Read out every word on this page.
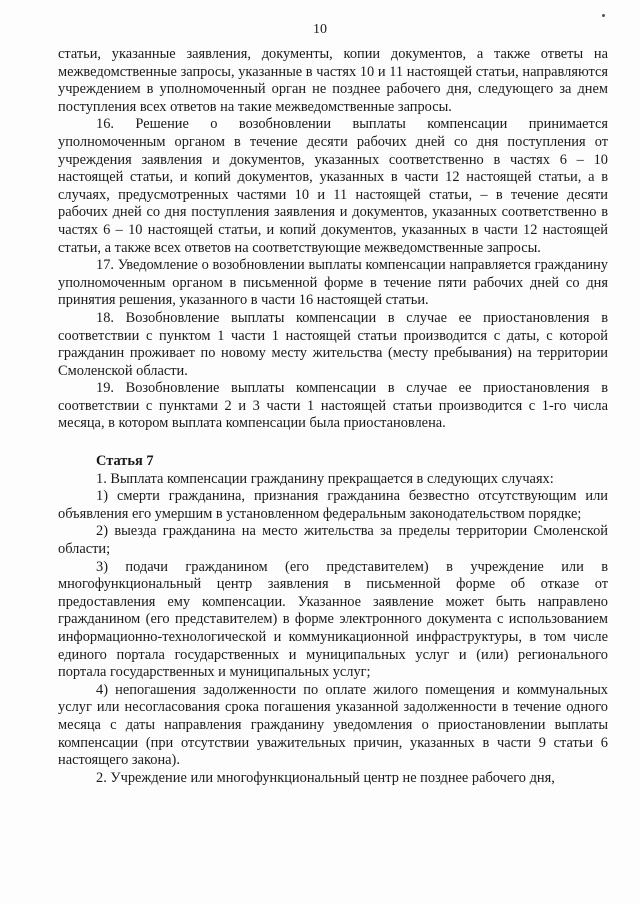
10

статьи, указанные заявления, документы, копии документов, а также ответы на межведомственные запросы, указанные в частях 10 и 11 настоящей статьи, направляются учреждением в уполномоченный орган не позднее рабочего дня, следующего за днем поступления всех ответов на такие межведомственные запросы.

16. Решение о возобновлении выплаты компенсации принимается уполномоченным органом в течение десяти рабочих дней со дня поступления от учреждения заявления и документов, указанных соответственно в частях 6 – 10 настоящей статьи, и копий документов, указанных в части 12 настоящей статьи, а в случаях, предусмотренных частями 10 и 11 настоящей статьи, – в течение десяти рабочих дней со дня поступления заявления и документов, указанных соответственно в частях 6 – 10 настоящей статьи, и копий документов, указанных в части 12 настоящей статьи, а также всех ответов на соответствующие межведомственные запросы.

17. Уведомление о возобновлении выплаты компенсации направляется гражданину уполномоченным органом в письменной форме в течение пяти рабочих дней со дня принятия решения, указанного в части 16 настоящей статьи.

18. Возобновление выплаты компенсации в случае ее приостановления в соответствии с пунктом 1 части 1 настоящей статьи производится с даты, с которой гражданин проживает по новому месту жительства (месту пребывания) на территории Смоленской области.

19. Возобновление выплаты компенсации в случае ее приостановления в соответствии с пунктами 2 и 3 части 1 настоящей статьи производится с 1-го числа месяца, в котором выплата компенсации была приостановлена.

Статья 7

1. Выплата компенсации гражданину прекращается в следующих случаях:

1) смерти гражданина, признания гражданина безвестно отсутствующим или объявления его умершим в установленном федеральным законодательством порядке;

2) выезда гражданина на место жительства за пределы территории Смоленской области;

3) подачи гражданином (его представителем) в учреждение или в многофункциональный центр заявления в письменной форме об отказе от предоставления ему компенсации. Указанное заявление может быть направлено гражданином (его представителем) в форме электронного документа с использованием информационно-технологической и коммуникационной инфраструктуры, в том числе единого портала государственных и муниципальных услуг и (или) регионального портала государственных и муниципальных услуг;

4) непогашения задолженности по оплате жилого помещения и коммунальных услуг или несогласования срока погашения указанной задолженности в течение одного месяца с даты направления гражданину уведомления о приостановлении выплаты компенсации (при отсутствии уважительных причин, указанных в части 9 статьи 6 настоящего закона).

2. Учреждение или многофункциональный центр не позднее рабочего дня,
